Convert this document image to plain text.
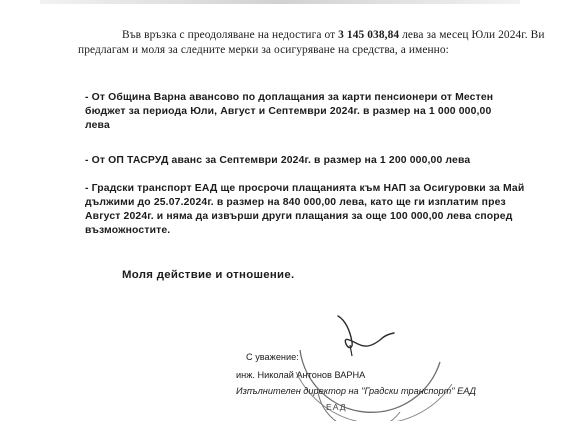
Във връзка с преодоляване на недостига от 3 145 038,84 лева за месец Юли 2024г. Ви
предлагам и моля за следните мерки за осигуряване на средства, а именно:
- От Община Варна авансово по доплащания за карти пенсионери от Местен
бюджет за периода Юли, Август и Септември 2024г. в размер на 1 000 000,00
лева
- От ОП ТАСРУД аванс за Септември 2024г. в размер на 1 200 000,00 лева
- Градски транспорт ЕАД ще просрочи плащанията към НАП за Осигуровки за Май
дължими до 25.07.2024г. в размер на 840 000,00 лева, като ще ги изплатим през
Август 2024г. и няма да извърши други плащания за още 100 000,00 лева според
възможностите.
Моля действие и отношение.
С уважение:
инж. Николай Антонов ВАРНА
Изпълнителен директор на "Градски транспорт" ЕАД
ЕАД
